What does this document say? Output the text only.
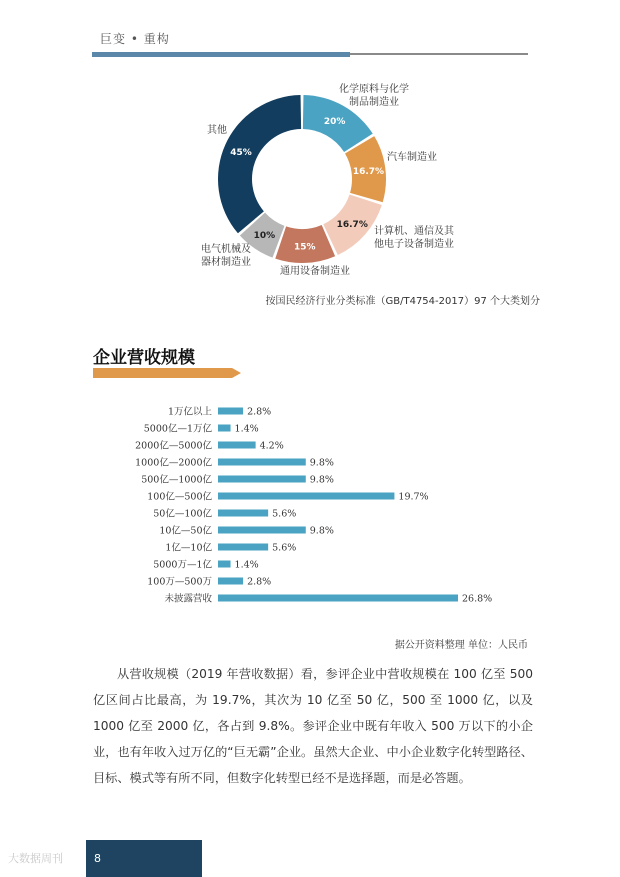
巨变 • 重构
20%
化学原料与化学
制品制造业
16.7%
汽车制造业
16.7%
计算机、通信及其
他电子设备制造业
15%
通用设备制造业
10%
电气机械及
器材制造业
45%
其他
1万亿以上	2.8%
5000亿—1万亿 1.4%
2000亿—5000亿	4.2%
1000亿—2000亿	9.8%
500亿—1000亿	9.8%
100亿—500亿	19.7%
50亿—100亿	5.6%
10亿—50亿	9.8%
1亿—10亿	5.6%
5000万—1亿 1.4%
100万—500万	2.8%
未披露营收	26.8%
按国民经济行业分类标准（GB/T4754-2017）97 个大类划分
企业营收规模
据公开资料整理 单位：人民币
从营收规模（2019 年营收数据）看，参评企业中营收规模在 100 亿至 500 亿区间占比最高，为 19.7%，其次为 10 亿至 50 亿，500 至 1000 亿，以及 1000 亿至 2000 亿，各占到 9.8%。参评企业中既有年收入 500 万以下的小企业，也有年收入过万亿的“巨无霸”企业。虽然大企业、中小企业数字化转型路径、目标、模式等有所不同，但数字化转型已经不是选择题，而是必答题。
8
大数据周刊
